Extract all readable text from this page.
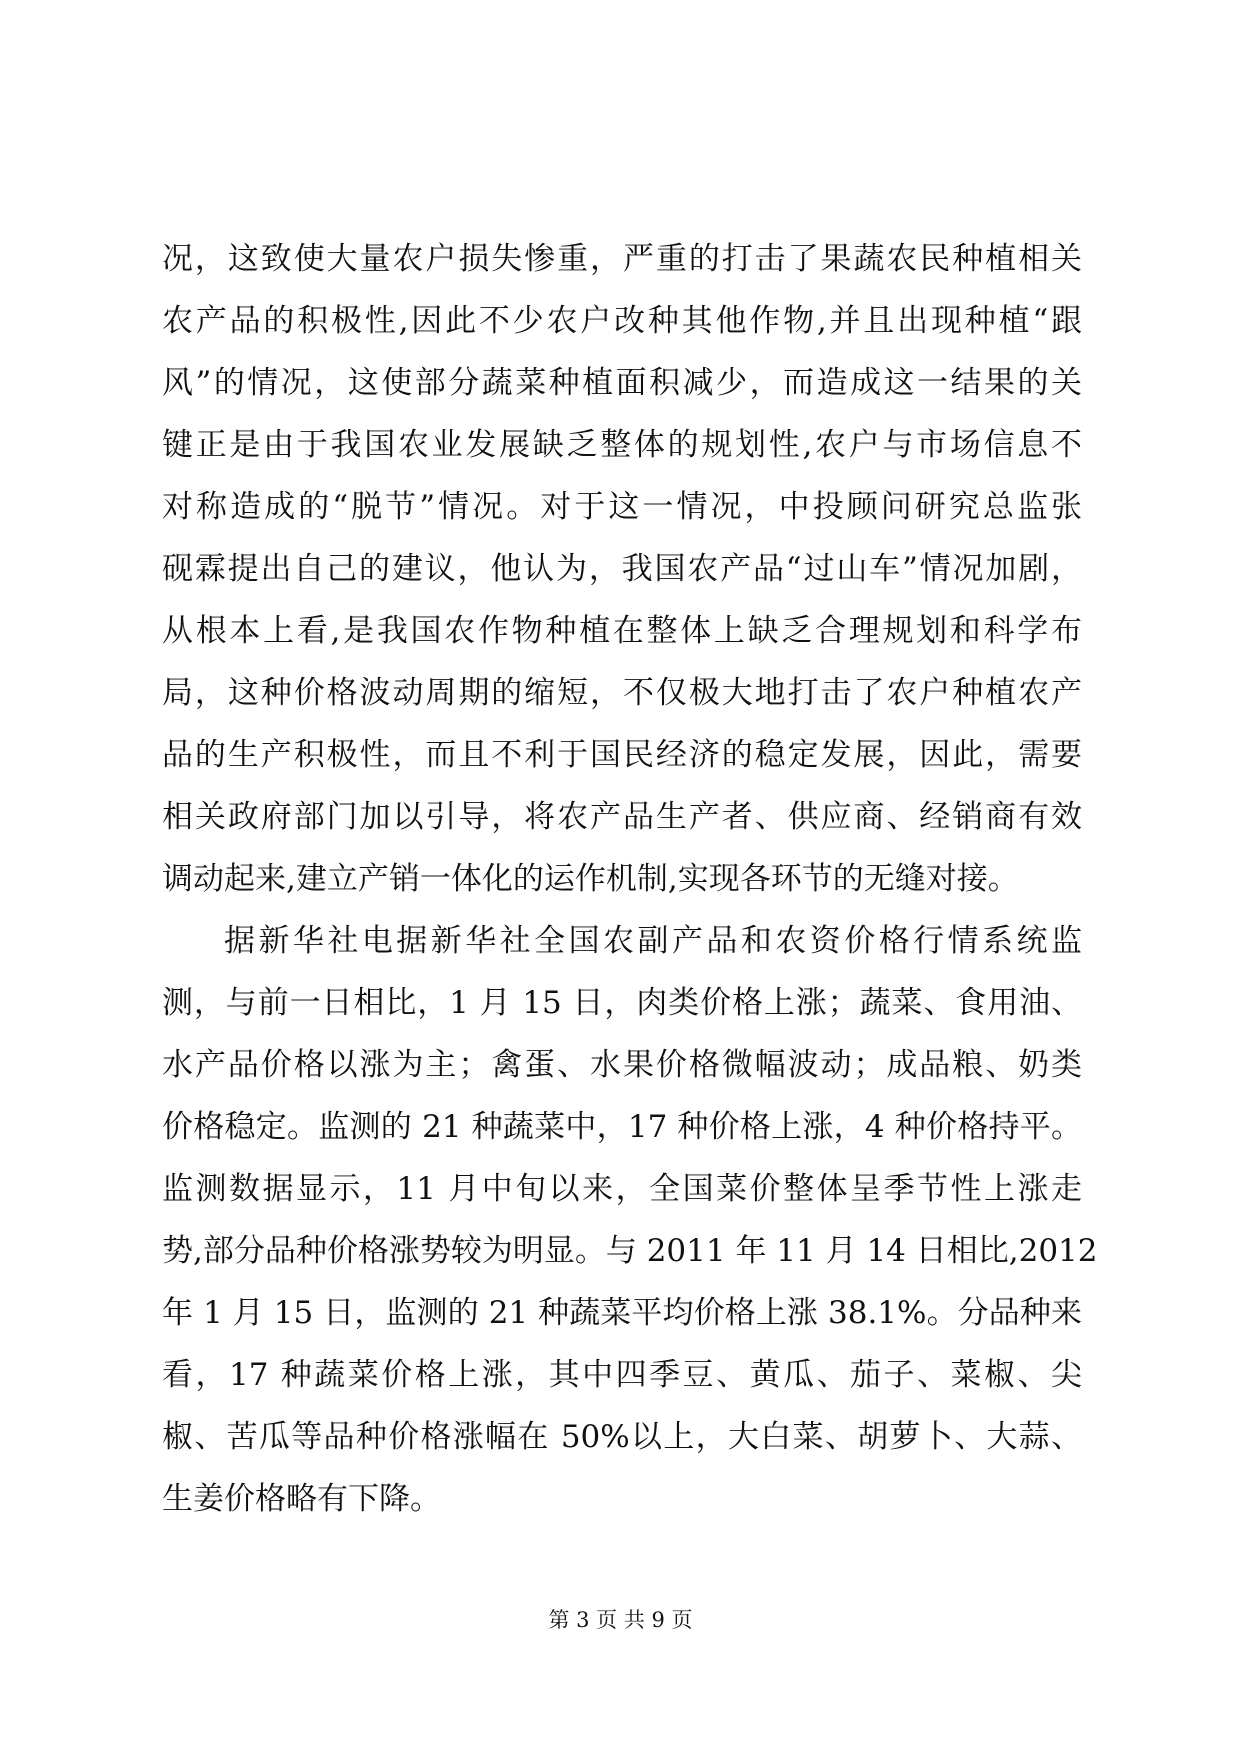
况，这致使大量农户损失惨重，严重的打击了果蔬农民种植相关
农产品的积极性,因此不少农户改种其他作物,并且出现种植“跟
风”的情况，这使部分蔬菜种植面积减少，而造成这一结果的关
键正是由于我国农业发展缺乏整体的规划性,农户与市场信息不
对称造成的“脱节”情况。对于这一情况，中投顾问研究总监张
砚霖提出自己的建议，他认为，我国农产品“过山车”情况加剧，
从根本上看,是我国农作物种植在整体上缺乏合理规划和科学布
局，这种价格波动周期的缩短，不仅极大地打击了农户种植农产
品的生产积极性，而且不利于国民经济的稳定发展，因此，需要
相关政府部门加以引导，将农产品生产者、供应商、经销商有效
调动起来,建立产销一体化的运作机制,实现各环节的无缝对接。
据新华社电据新华社全国农副产品和农资价格行情系统监
测，与前一日相比，1 月 15 日，肉类价格上涨；蔬菜、食用油、
水产品价格以涨为主；禽蛋、水果价格微幅波动；成品粮、奶类
价格稳定。监测的 21 种蔬菜中，17 种价格上涨，4 种价格持平。
监测数据显示，11 月中旬以来，全国菜价整体呈季节性上涨走
势,部分品种价格涨势较为明显。与 2011 年 11 月 14 日相比,2012
年 1 月 15 日，监测的 21 种蔬菜平均价格上涨 38.1%。分品种来
看，17 种蔬菜价格上涨，其中四季豆、黄瓜、茄子、菜椒、尖
椒、苦瓜等品种价格涨幅在 50%以上，大白菜、胡萝卜、大蒜、
生姜价格略有下降。
第 3 页 共 9 页
